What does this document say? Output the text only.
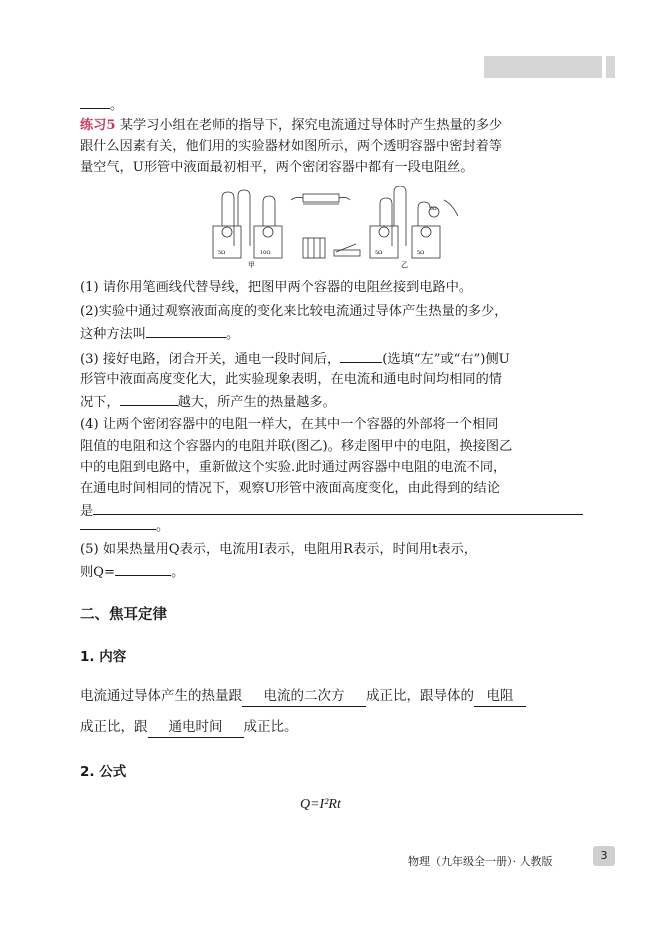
。
练习5 某学习小组在老师的指导下，探究电流通过导体时产生热量的多少
跟什么因素有关，他们用的实验器材如图所示，两个透明容器中密封着等
量空气，U形管中液面最初相平，两个密闭容器中都有一段电阻丝。
5Ω	10Ω	5Ω	5Ω
5Ω
甲	乙
(1) 请你用笔画线代替导线，把图甲两个容器的电阻丝接到电路中。
(2)实验中通过观察液面高度的变化来比较电流通过导体产生热量的多少，
这种方法叫	。
(3) 接好电路，闭合开关，通电一段时间后，	(选填“左”或“右”)侧U
形管中液面高度变化大，此实验现象表明，在电流和通电时间均相同的情
况下，	越大，所产生的热量越多。
(4) 让两个密闭容器中的电阻一样大，在其中一个容器的外部将一个相同
阻值的电阻和这个容器内的电阻并联(图乙)。移走图甲中的电阻，换接图乙
中的电阻到电路中，重新做这个实验.此时通过两容器中电阻的电流不同，
在通电时间相同的情况下，观察U形管中液面高度变化，由此得到的结论
是
。
(5) 如果热量用Q表示，电流用I表示，电阻用R表示，时间用t表示，
则Q=	。
二、焦耳定律
1. 内容
电流通过导体产生的热量跟 电流的二次方 成正比，跟导体的 电阻
成正比，跟 通电时间 成正比。
2. 公式
Q=I²Rt
物理（九年级全一册）· 人教版	3
